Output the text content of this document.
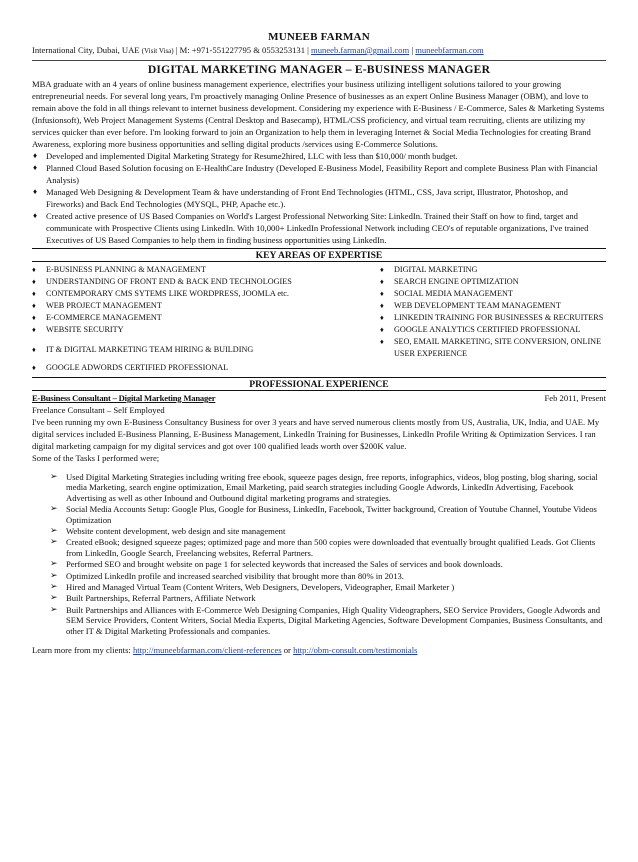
MUNEEB FARMAN
International City, Dubai, UAE (Visit Visa) | M: +971-551227795 & 0553253131 | muneeb.farman@gmail.com | muneebfarman.com
DIGITAL MARKETING MANAGER – E-BUSINESS MANAGER
MBA graduate with an 4 years of online business management experience, electrifies your business utilizing intelligent solutions tailored to your growing entrepreneurial needs. For several long years, I'm proactively managing Online Presence of businesses as an expert Online Business Manager (OBM), and love to remain above the fold in all things relevant to internet business development. Considering my experience with E-Business / E-Commerce, Sales & Marketing Systems (Infusionsoft), Web Project Management Systems (Central Desktop and Basecamp), HTML/CSS proficiency, and virtual team recruiting, clients are utilizing my services quicker than ever before. I'm looking forward to join an Organization to help them in leveraging Internet & Social Media Technologies for creating Brand Awareness, exploring more business opportunities and selling digital products /services using E-Commerce Solutions.
♦ Developed and implemented Digital Marketing Strategy for Resume2hired, LLC with less than $10,000/ month budget.
♦ Planned Cloud Based Solution focusing on E-HealthCare Industry (Developed E-Business Model, Feasibility Report and complete Business Plan with Financial Analysis)
♦ Managed Web Designing & Development Team & have understanding of Front End Technologies (HTML, CSS, Java script, Illustrator, Photoshop, and Fireworks) and Back End Technologies (MYSQL, PHP, Apache etc.).
♦ Created active presence of US Based Companies on World's Largest Professional Networking Site: LinkedIn. Trained their Staff on how to find, target and communicate with Prospective Clients using LinkedIn. With 10,000+ LinkedIn Professional Network including CEO's of reputable organizations, I've trained Executives of US Based Companies to help them in finding business opportunities using LinkedIn.
KEY AREAS OF EXPERTISE
♦ E-BUSINESS PLANNING & MANAGEMENT
♦ UNDERSTANDING OF FRONT END & BACK END TECHNOLOGIES
♦ CONTEMPORARY CMS SYTEMS LIKE WORDPRESS, JOOMLA etc.
♦ WEB PROJECT MANAGEMENT
♦ E-COMMERCE MANAGEMENT
♦ WEBSITE SECURITY
♦ IT & DIGITAL MARKETING TEAM HIRING & BUILDING
♦ GOOGLE ADWORDS CERTIFIED PROFESSIONAL
♦ DIGITAL MARKETING
♦ SEARCH ENGINE OPTIMIZATION
♦ SOCIAL MEDIA MANAGEMENT
♦ WEB DEVELOPMENT TEAM MANAGEMENT
♦ LINKEDIN TRAINING FOR BUSINESSES & RECRUITERS
♦ GOOGLE ANALYTICS CERTIFIED PROFESSIONAL
♦ SEO, EMAIL MARKETING, SITE CONVERSION, ONLINE USER EXPERIENCE
PROFESSIONAL EXPERIENCE
E-Business Consultant – Digital Marketing Manager	Feb 2011, Present
Freelance Consultant – Self Employed
I've been running my own E-Business Consultancy Business for over 3 years and have served numerous clients mostly from US, Australia, UK, India, and UAE. My digital services included E-Business Planning, E-Business Management, LinkedIn Training for Businesses, LinkedIn Profile Writing & Optimization Services. I ran digital marketing campaign for my digital services and got over 100 qualified leads worth over $200K value.
Some of the Tasks I performed were;
➢ Used Digital Marketing Strategies including writing free ebook, squeeze pages design, free reports, infographics, videos, blog posting, blog sharing, social media Marketing, search engine optimization, Email Marketing, paid search strategies including Google Adwords, LinkedIn Advertising, Facebook Advertising as well as other Inbound and Outbound digital marketing programs and strategies.
➢ Social Media Accounts Setup: Google Plus, Google for Business, LinkedIn, Facebook, Twitter background, Creation of Youtube Channel, Youtube Videos Optimization
➢ Website content development, web design and site management
➢ Created eBook; designed squeeze pages; optimized page and more than 500 copies were downloaded that eventually brought qualified Leads. Got Clients from LinkedIn, Google Search, Freelancing websites, Referral Partners.
➢ Performed SEO and brought website on page 1 for selected keywords that increased the Sales of services and book downloads.
➢ Optimized LinkedIn profile and increased searched visibility that brought more than 80% in 2013.
➢ Hired and Managed Virtual Team (Content Writers, Web Designers, Developers, Videographer, Email Marketer )
➢ Built Partnerships, Referral Partners, Affiliate Network
➢ Built Partnerships and Alliances with E-Commerce Web Designing Companies, High Quality Videographers, SEO Service Providers, Google Adwords and SEM Service Providers, Content Writers, Social Media Experts, Digital Marketing Agencies, Software Development Companies, Business Consultants, and other IT & Digital Marketing Professionals and companies.
Learn more from my clients: http://muneebfarman.com/client-references or http://obm-consult.com/testimonials
